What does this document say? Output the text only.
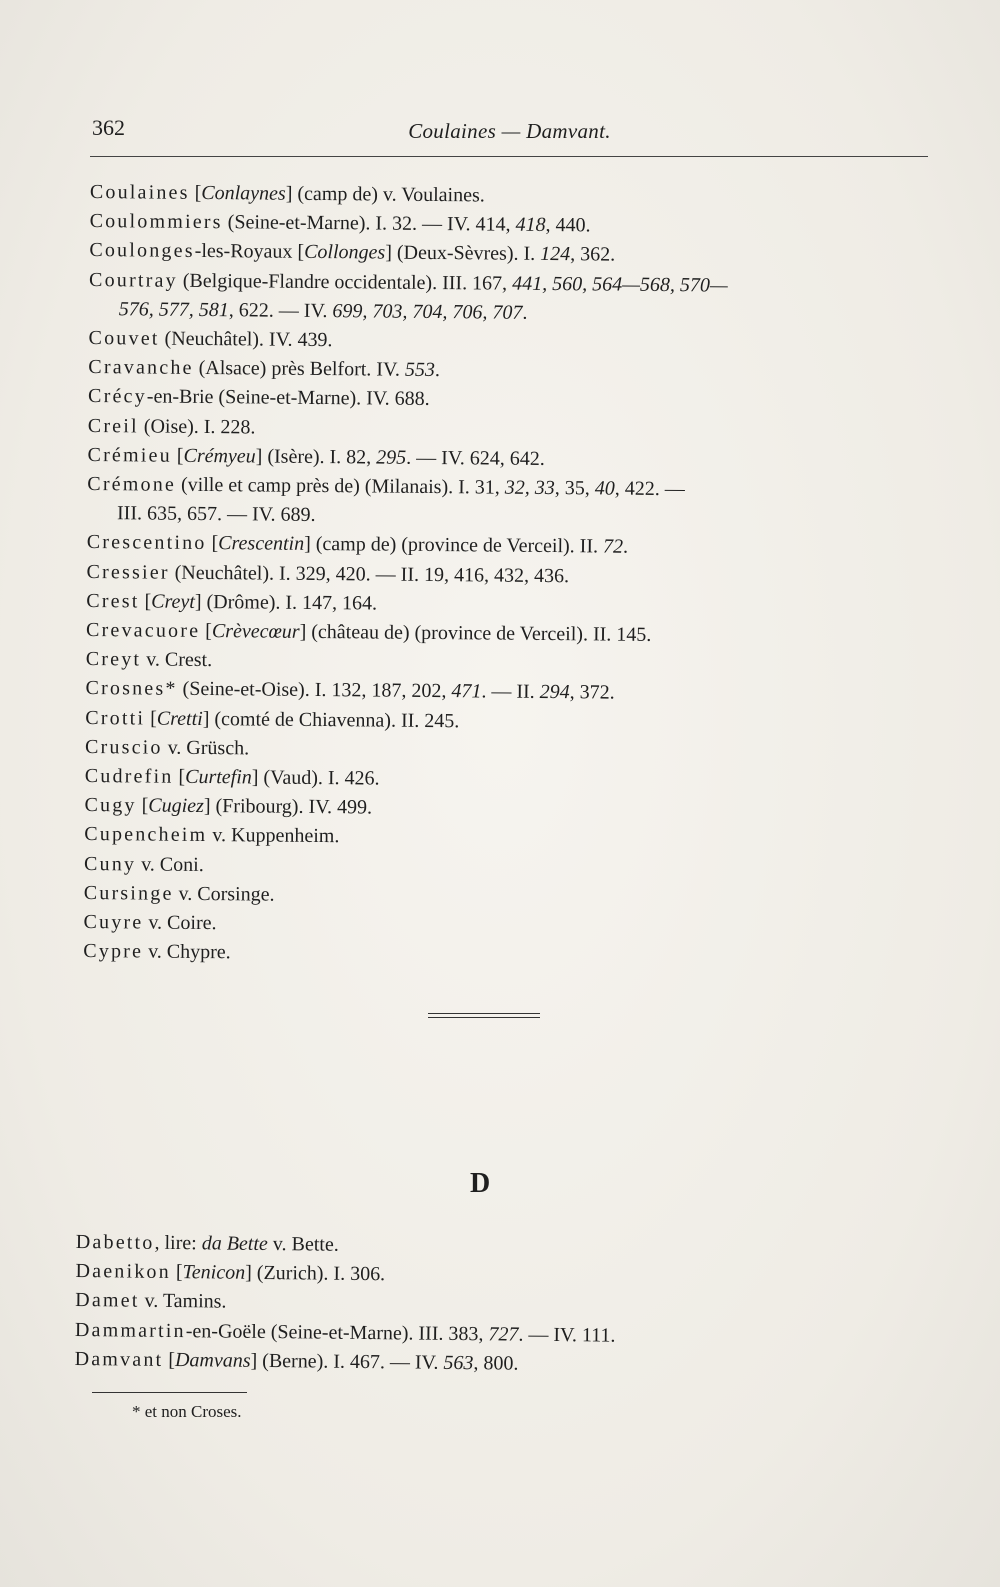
362	Coulaines — Damvant.
Coulaines [Conlaynes] (camp de) v. Voulaines.
Coulommiers (Seine-et-Marne). I. 32. — IV. 414, 418, 440.
Coulonges-les-Royaux [Collonges] (Deux-Sèvres). I. 124, 362.
Courtray (Belgique-Flandre occidentale). III. 167, 441, 560, 564—568, 570—
576, 577, 581, 622. — IV. 699, 703, 704, 706, 707.
Couvet (Neuchâtel). IV. 439.
Cravanche (Alsace) près Belfort. IV. 553.
Crécy-en-Brie (Seine-et-Marne). IV. 688.
Creil (Oise). I. 228.
Crémieu [Crémyeu] (Isère). I. 82, 295. — IV. 624, 642.
Crémone (ville et camp près de) (Milanais). I. 31, 32, 33, 35, 40, 422. —
III. 635, 657. — IV. 689.
Crescentino [Crescentin] (camp de) (province de Verceil). II. 72.
Cressier (Neuchâtel). I. 329, 420. — II. 19, 416, 432, 436.
Crest [Creyt] (Drôme). I. 147, 164.
Crevacuore [Crèvecœur] (château de) (province de Verceil). II. 145.
Creyt v. Crest.
Crosnes* (Seine-et-Oise). I. 132, 187, 202, 471. — II. 294, 372.
Crotti [Cretti] (comté de Chiavenna). II. 245.
Cruscio v. Grüsch.
Cudrefin [Curtefin] (Vaud). I. 426.
Cugy [Cugiez] (Fribourg). IV. 499.
Cupencheim v. Kuppenheim.
Cuny v. Coni.
Cursinge v. Corsinge.
Cuyre v. Coire.
Cypre v. Chypre.
D
Dabetto, lire: da Bette v. Bette.
Daenikon [Tenicon] (Zurich). I. 306.
Damet v. Tamins.
Dammartin-en-Goële (Seine-et-Marne). III. 383, 727. — IV. 111.
Damvant [Damvans] (Berne). I. 467. — IV. 563, 800.
* et non Croses.
